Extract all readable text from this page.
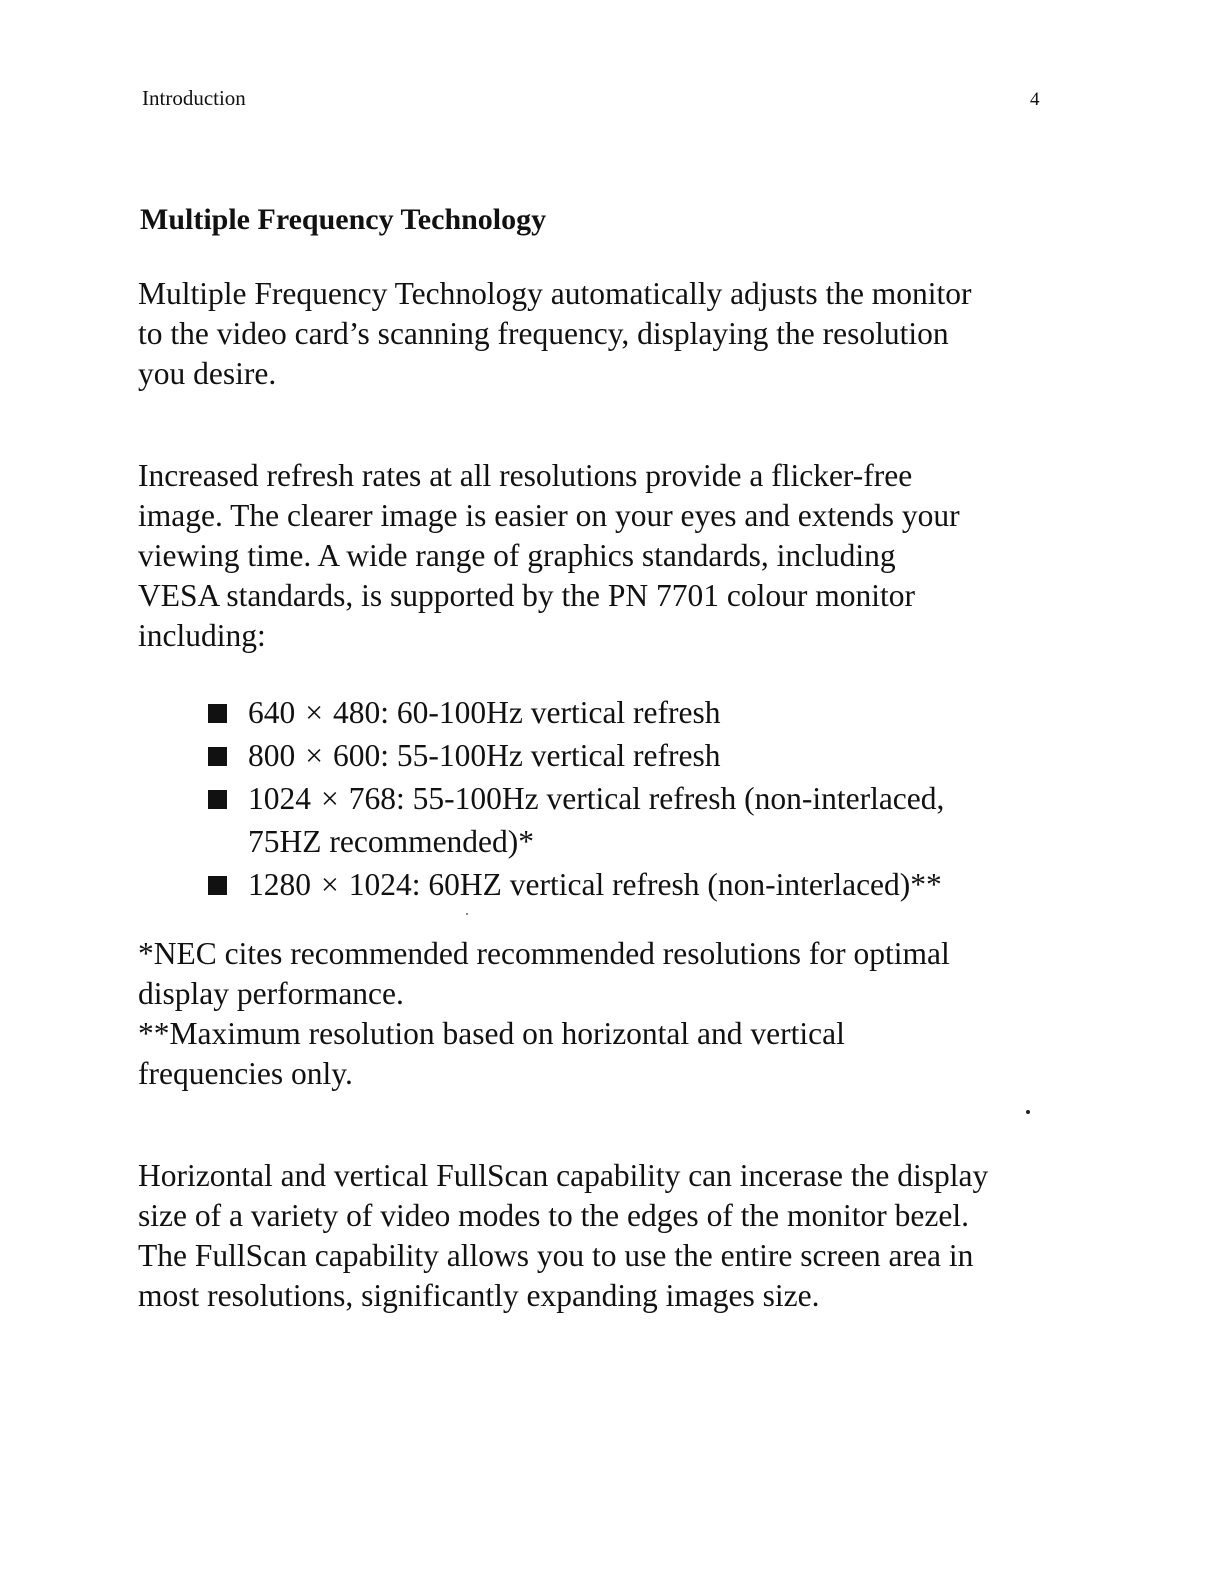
Introduction	4
Multiple Frequency Technology
Multiple Frequency Technology automatically adjusts the monitor
to the video card’s scanning frequency, displaying the resolution
you desire.
Increased refresh rates at all resolutions provide a flicker-free
image. The clearer image is easier on your eyes and extends your
viewing time. A wide range of graphics standards, including
VESA standards, is supported by the PN 7701 colour monitor
including:
640 × 480: 60-100Hz vertical refresh
800 × 600: 55-100Hz vertical refresh
1024 × 768: 55-100Hz vertical refresh (non-interlaced,
75HZ recommended)*
1280 × 1024: 60HZ vertical refresh (non-interlaced)**
*NEC cites recommended recommended resolutions for optimal
display performance.
**Maximum resolution based on horizontal and vertical
frequencies only.
Horizontal and vertical FullScan capability can incerase the display
size of a variety of video modes to the edges of the monitor bezel.
The FullScan capability allows you to use the entire screen area in
most resolutions, significantly expanding images size.
